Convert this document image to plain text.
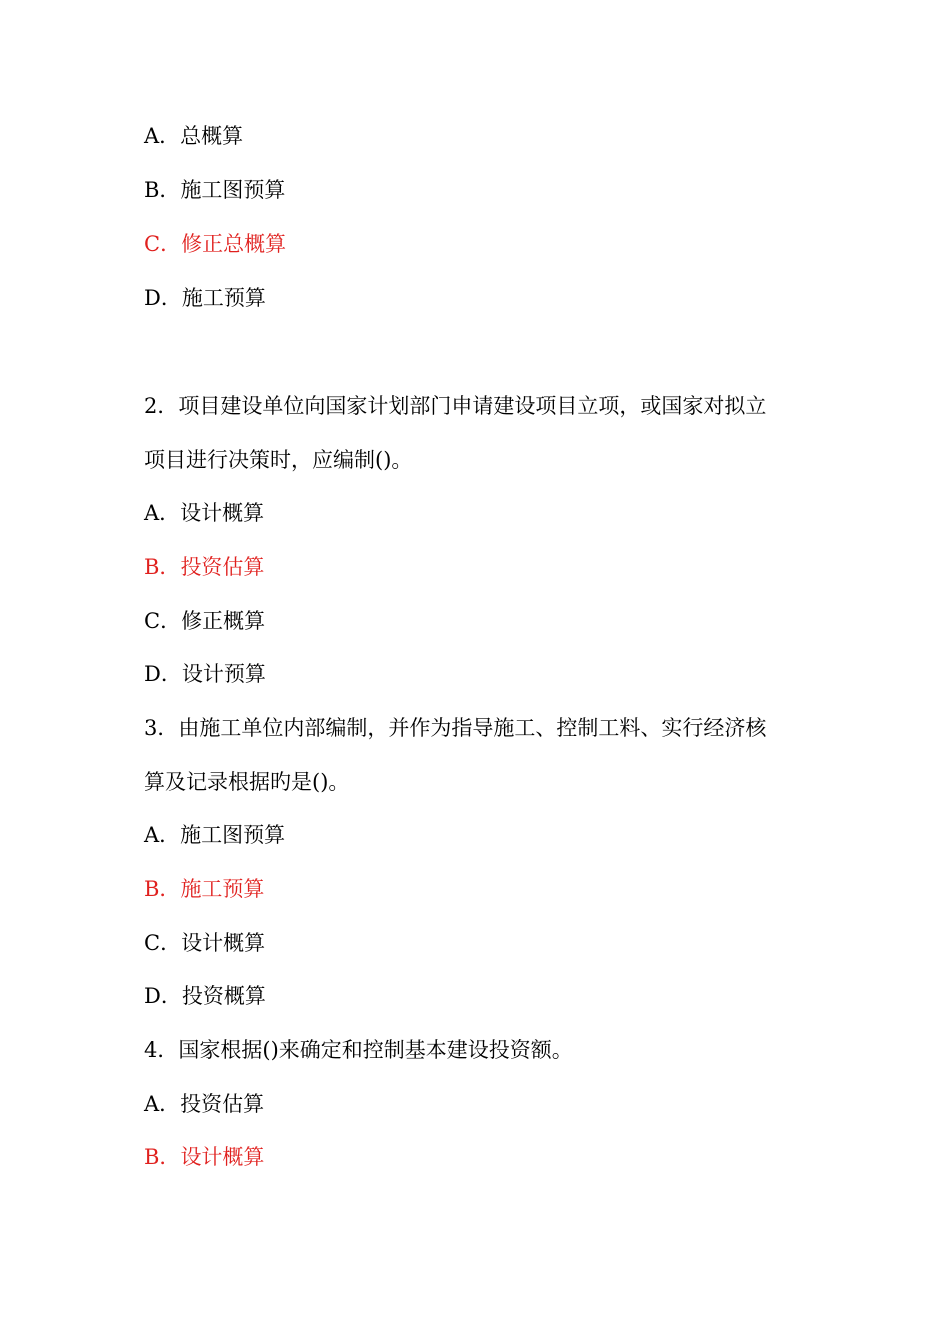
A．总概算
B．施工图预算
C．修正总概算
D．施工预算
2．项目建设单位向国家计划部门申请建设项目立项，或国家对拟立
项目进行决策时，应编制()。
A．设计概算
B．投资估算
C．修正概算
D．设计预算
3．由施工单位内部编制，并作为指导施工、控制工料、实行经济核
算及记录根据旳是()。
A．施工图预算
B．施工预算
C．设计概算
D．投资概算
4．国家根据()来确定和控制基本建设投资额。
A．投资估算
B．设计概算
